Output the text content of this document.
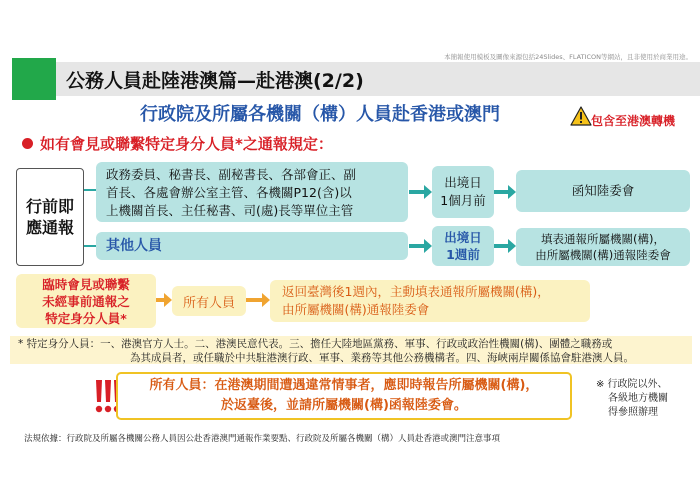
本簡報使用模板及圖像來源包括24Slides、FLATICON等網站，且非使用於商業用途。
公務人員赴陸港澳篇—赴港澳(2/2)
行政院及所屬各機關（構）人員赴香港或澳門	包含至港澳轉機
如有會見或聯繫特定身分人員*之通報規定：
行前即
應通報
政務委員、秘書長、副秘書長、各部會正、副
首長、各處會辦公室主管、各機關P12(含)以
上機關首長、主任秘書、司(處)長等單位主管
出境日
1個月前
函知陸委會
其他人員
出境日
1週前
填表通報所屬機關(構)，
由所屬機關(構)通報陸委會
臨時會見或聯繫
未經事前通報之
特定身分人員*
所有人員
返回臺灣後1週內，主動填表通報所屬機關(構)，
由所屬機關(構)通報陸委會
* 特定身分人員：一、港澳官方人士。二、港澳民意代表。三、擔任大陸地區黨務、軍事、行政或政治性機關(構)、團體之職務或
為其成員者，或任職於中共駐港澳行政、軍事、業務等其他公務機構者。四、海峽兩岸關係協會駐港澳人員。
所有人員：在港澳期間遭遇違常情事者，應即時報告所屬機關(構)，
於返臺後，並請所屬機關(構)函報陸委會。
※ 行政院以外、
各級地方機關
得參照辦理
法規依據：行政院及所屬各機關公務人員因公赴香港澳門通報作業要點、行政院及所屬各機關（構）人員赴香港或澳門注意事項
